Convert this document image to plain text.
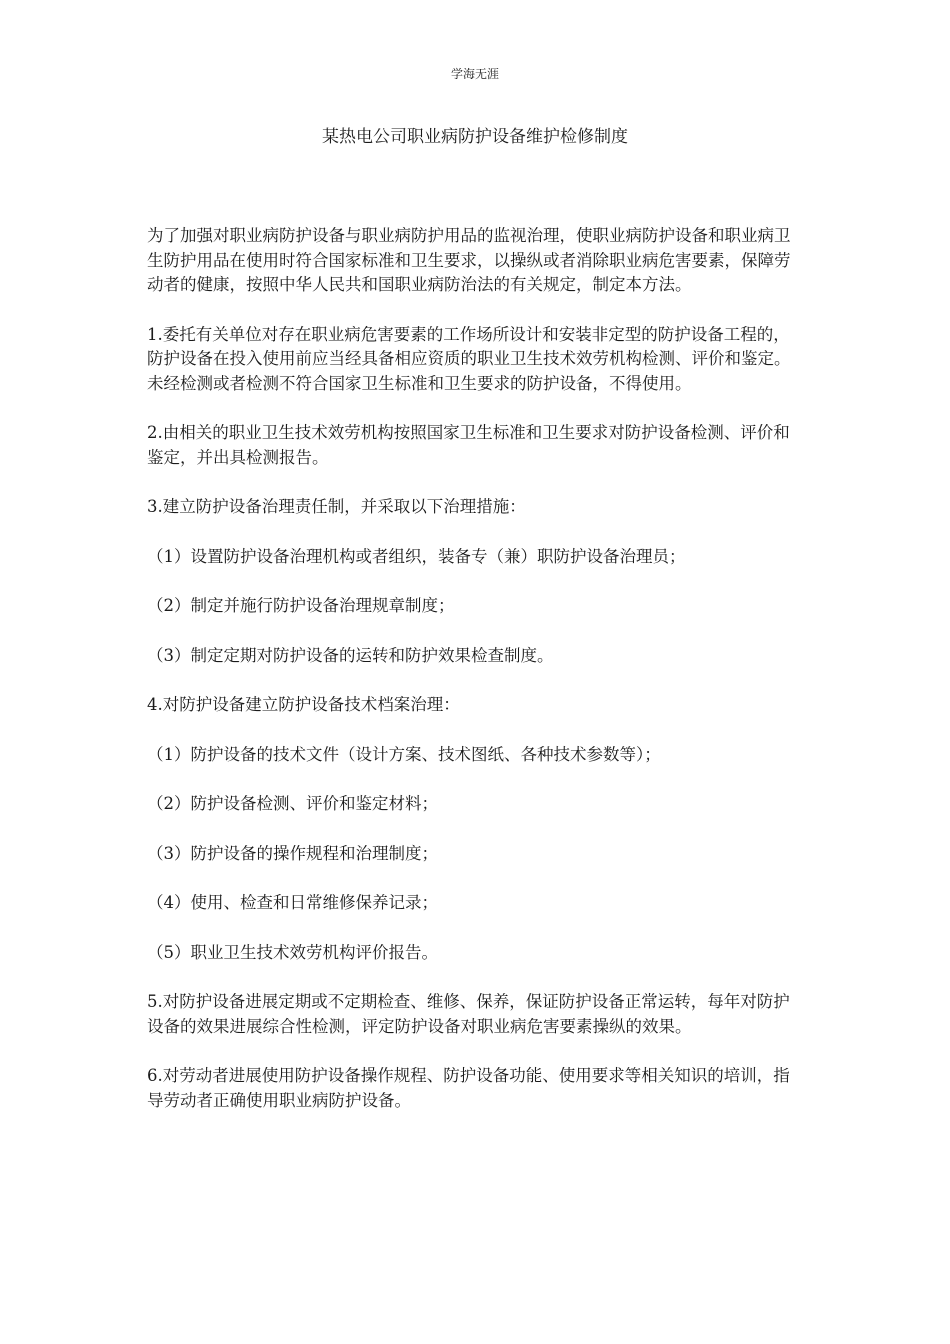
学海无涯
某热电公司职业病防护设备维护检修制度

为了加强对职业病防护设备与职业病防护用品的监视治理，使职业病防护设备和职业病卫生防护用品在使用时符合国家标准和卫生要求，以操纵或者消除职业病危害要素，保障劳动者的健康，按照中华人民共和国职业病防治法的有关规定，制定本方法。

1.委托有关单位对存在职业病危害要素的工作场所设计和安装非定型的防护设备工程的，防护设备在投入使用前应当经具备相应资质的职业卫生技术效劳机构检测、评价和鉴定。 未经检测或者检测不符合国家卫生标准和卫生要求的防护设备，不得使用。

2.由相关的职业卫生技术效劳机构按照国家卫生标准和卫生要求对防护设备检测、评价和鉴定，并出具检测报告。

3.建立防护设备治理责任制，并采取以下治理措施：

（1）设置防护设备治理机构或者组织，装备专（兼）职防护设备治理员；

（2）制定并施行防护设备治理规章制度；

（3）制定定期对防护设备的运转和防护效果检查制度。

4.对防护设备建立防护设备技术档案治理：

（1）防护设备的技术文件（设计方案、技术图纸、各种技术参数等）；

（2）防护设备检测、评价和鉴定材料；

（3）防护设备的操作规程和治理制度；

（4）使用、检查和日常维修保养记录；

（5）职业卫生技术效劳机构评价报告。

5.对防护设备进展定期或不定期检查、维修、保养，保证防护设备正常运转，每年对防护设备的效果进展综合性检测，评定防护设备对职业病危害要素操纵的效果。

6.对劳动者进展使用防护设备操作规程、防护设备功能、使用要求等相关知识的培训，指导劳动者正确使用职业病防护设备。
